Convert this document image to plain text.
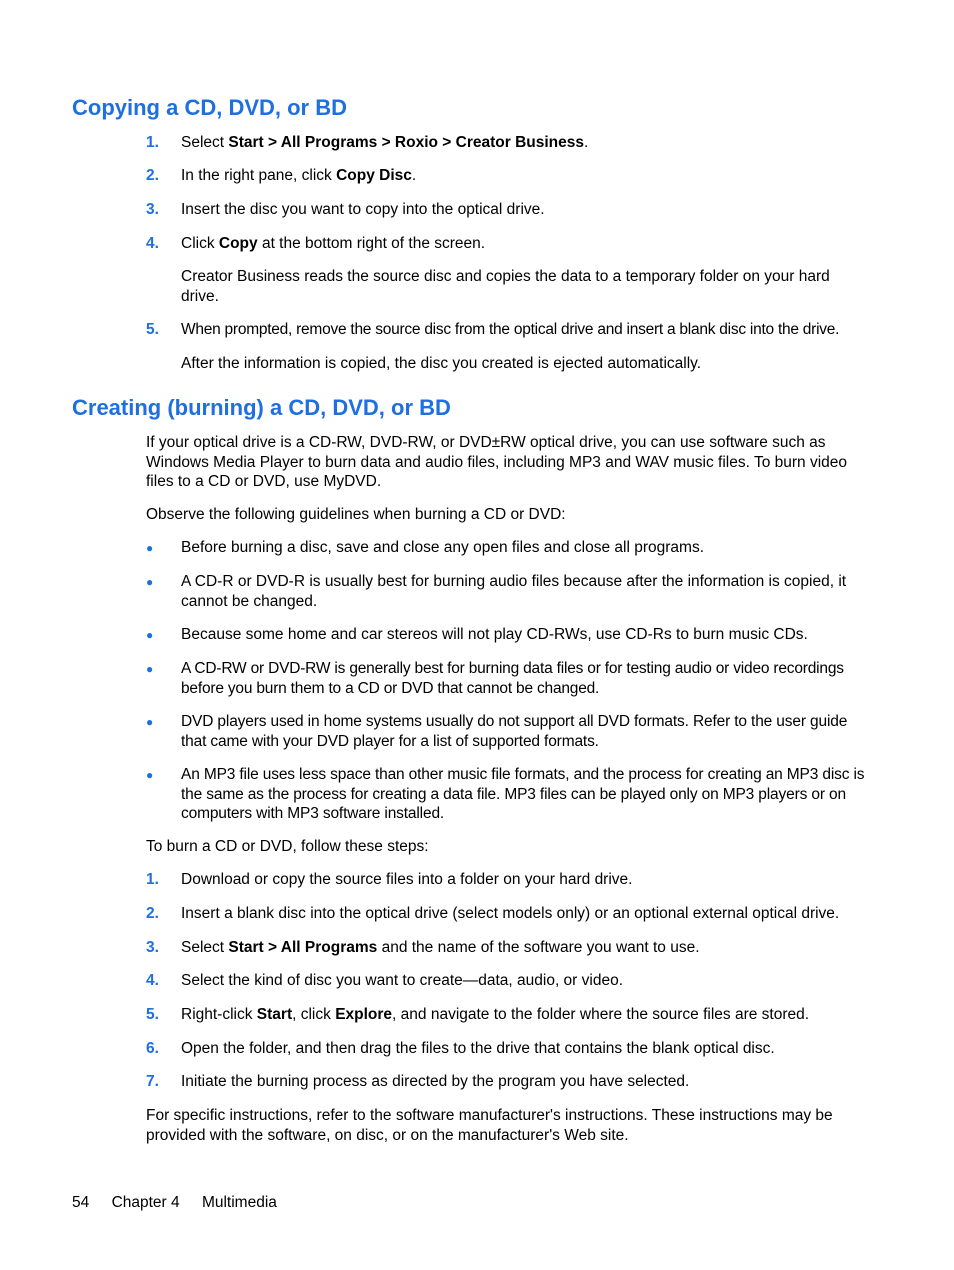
Copying a CD, DVD, or BD
1. Select Start > All Programs > Roxio > Creator Business.
2. In the right pane, click Copy Disc.
3. Insert the disc you want to copy into the optical drive.
4. Click Copy at the bottom right of the screen.
Creator Business reads the source disc and copies the data to a temporary folder on your hard drive.
5. When prompted, remove the source disc from the optical drive and insert a blank disc into the drive.
After the information is copied, the disc you created is ejected automatically.
Creating (burning) a CD, DVD, or BD
If your optical drive is a CD-RW, DVD-RW, or DVD±RW optical drive, you can use software such as Windows Media Player to burn data and audio files, including MP3 and WAV music files. To burn video files to a CD or DVD, use MyDVD.
Observe the following guidelines when burning a CD or DVD:
● Before burning a disc, save and close any open files and close all programs.
● A CD-R or DVD-R is usually best for burning audio files because after the information is copied, it cannot be changed.
● Because some home and car stereos will not play CD-RWs, use CD-Rs to burn music CDs.
● A CD-RW or DVD-RW is generally best for burning data files or for testing audio or video recordings before you burn them to a CD or DVD that cannot be changed.
● DVD players used in home systems usually do not support all DVD formats. Refer to the user guide that came with your DVD player for a list of supported formats.
● An MP3 file uses less space than other music file formats, and the process for creating an MP3 disc is the same as the process for creating a data file. MP3 files can be played only on MP3 players or on computers with MP3 software installed.
To burn a CD or DVD, follow these steps:
1. Download or copy the source files into a folder on your hard drive.
2. Insert a blank disc into the optical drive (select models only) or an optional external optical drive.
3. Select Start > All Programs and the name of the software you want to use.
4. Select the kind of disc you want to create—data, audio, or video.
5. Right-click Start, click Explore, and navigate to the folder where the source files are stored.
6. Open the folder, and then drag the files to the drive that contains the blank optical disc.
7. Initiate the burning process as directed by the program you have selected.
For specific instructions, refer to the software manufacturer's instructions. These instructions may be provided with the software, on disc, or on the manufacturer's Web site.
54 Chapter 4 Multimedia
